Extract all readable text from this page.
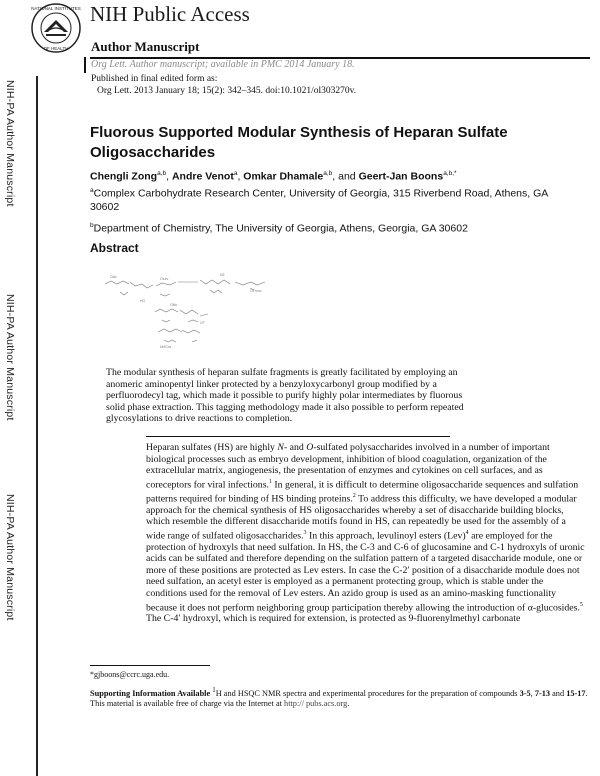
NATIONAL INSTITUTES
OF HEALTH
NIH Public Access
Author Manuscript
Org Lett. Author manuscript; available in PMC 2014 January 18.
NIH-PA Author Manuscript
NIH-PA Author Manuscript
NIH-PA Author Manuscript
Published in final edited form as:
Org Lett. 2013 January 18; 15(2): 342–345. doi:10.1021/ol303270v.
Fluorous Supported Modular Synthesis of Heparan Sulfate Oligosaccharides
Chengli Zong$^{a,b}$, Andre Venot$^a$, Omkar Dhamale$^{a,b}$, and Geert-Jan Boons$^{a,b,*}$
$^a$Complex Carbohydrate Research Center, University of Georgia, 315 Riverbend Road, Athens, GA 30602
$^b$Department of Chemistry, The University of Georgia, Athens, Georgia, GA 30602
Abstract
OAc	OLev
N3
OFmoc
HO
OBn
CF
NHCbz
The modular synthesis of heparan sulfate fragments is greatly facilitated by employing an anomeric aminopentyl linker protected by a benzyloxycarbonyl group modified by a perfluorodecyl tag, which made it possible to purify highly polar intermediates by fluorous solid phase extraction. This tagging methodology made it also possible to perform repeated glycosylations to drive reactions to completion.
Heparan sulfates (HS) are highly N- and O-sulfated polysaccharides involved in a number of important biological processes such as embryo development, inhibition of blood coagulation, organization of the extracellular matrix, angiogenesis, the presentation of enzymes and cytokines on cell surfaces, and as coreceptors for viral infections.$^1$ In general, it is difficult to determine oligosaccharide sequences and sulfation patterns required for binding of HS binding proteins.$^2$ To address this difficulty, we have developed a modular approach for the chemical synthesis of HS oligosaccharides whereby a set of disaccharide building blocks, which resemble the different disaccharide motifs found in HS, can repeatedly be used for the assembly of a wide range of sulfated oligosaccharides.$^3$ In this approach, levulinoyl esters (Lev)$^4$ are employed for the protection of hydroxyls that need sulfation. In HS, the C-3 and C-6 of glucosamine and C-1 hydroxyls of uronic acids can be sulfated and therefore depending on the sulfation pattern of a targeted disaccharide module, one or more of these positions are protected as Lev esters. In case the C-2′ position of a disaccharide module does not need sulfation, an acetyl ester is employed as a permanent protecting group, which is stable under the conditions used for the removal of Lev esters. An azido group is used as an amino-masking functionality because it does not perform neighboring group participation thereby allowing the introduction of α-glucosides.$^5$ The C-4′ hydroxyl, which is required for extension, is protected as 9-fluorenylmethyl carbonate
*gjboons@ccrc.uga.edu.
Supporting Information Available $^1$H and HSQC NMR spectra and experimental procedures for the preparation of compounds 3-5, 7-13 and 15-17. This material is available free of charge via the Internet at http:// pubs.acs.org.
